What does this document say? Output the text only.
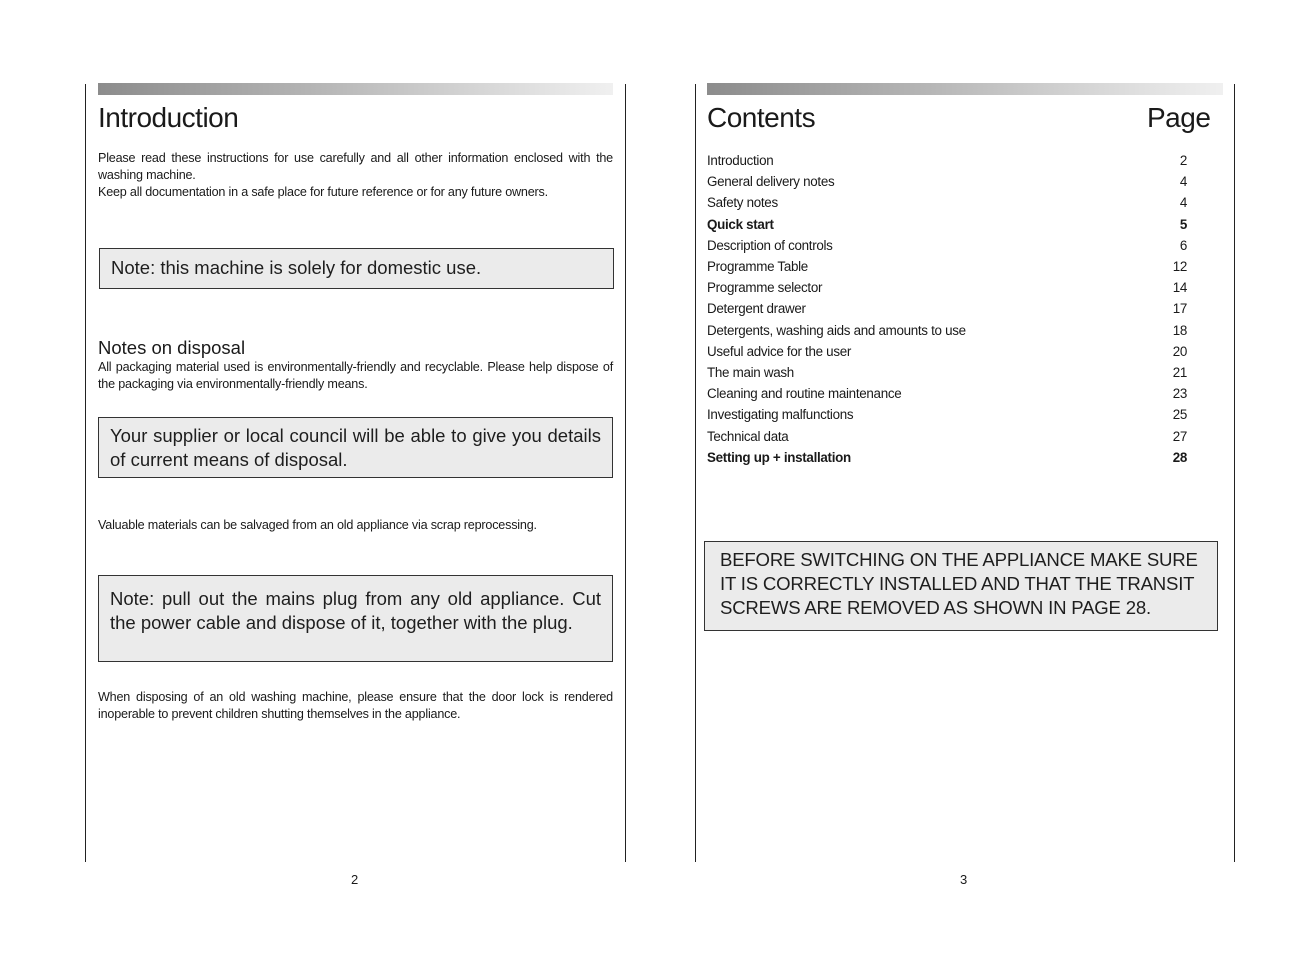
Introduction
Please read these instructions for use carefully and all other information enclosed with the washing machine.
Keep all documentation in a safe place for future reference or for any future owners.
Note: this machine is solely for domestic use.
Notes on disposal
All packaging material used is environmentally-friendly and recyclable. Please help dispose of the packaging via environmentally-friendly means.
Your supplier or local council will be able to give you details of current means of disposal.
Valuable materials can be salvaged from an old appliance via scrap reprocessing.
Note: pull out the mains plug from any old appliance. Cut the power cable and dispose of it, together with the plug.
When disposing of an old washing machine, please ensure that the door lock is rendered inoperable to prevent children shutting themselves in the appliance.
2
Contents	Page
Introduction	2
General delivery notes	4
Safety notes	4
Quick start	5
Description of controls	6
Programme Table	12
Programme selector	14
Detergent drawer	17
Detergents, washing aids and amounts to use	18
Useful advice for the user	20
The main wash	21
Cleaning and routine maintenance	23
Investigating malfunctions	25
Technical data	27
Setting up + installation	28
BEFORE SWITCHING ON THE APPLIANCE MAKE SURE IT IS CORRECTLY INSTALLED AND THAT THE TRANSIT SCREWS ARE REMOVED AS SHOWN IN PAGE 28.
3
